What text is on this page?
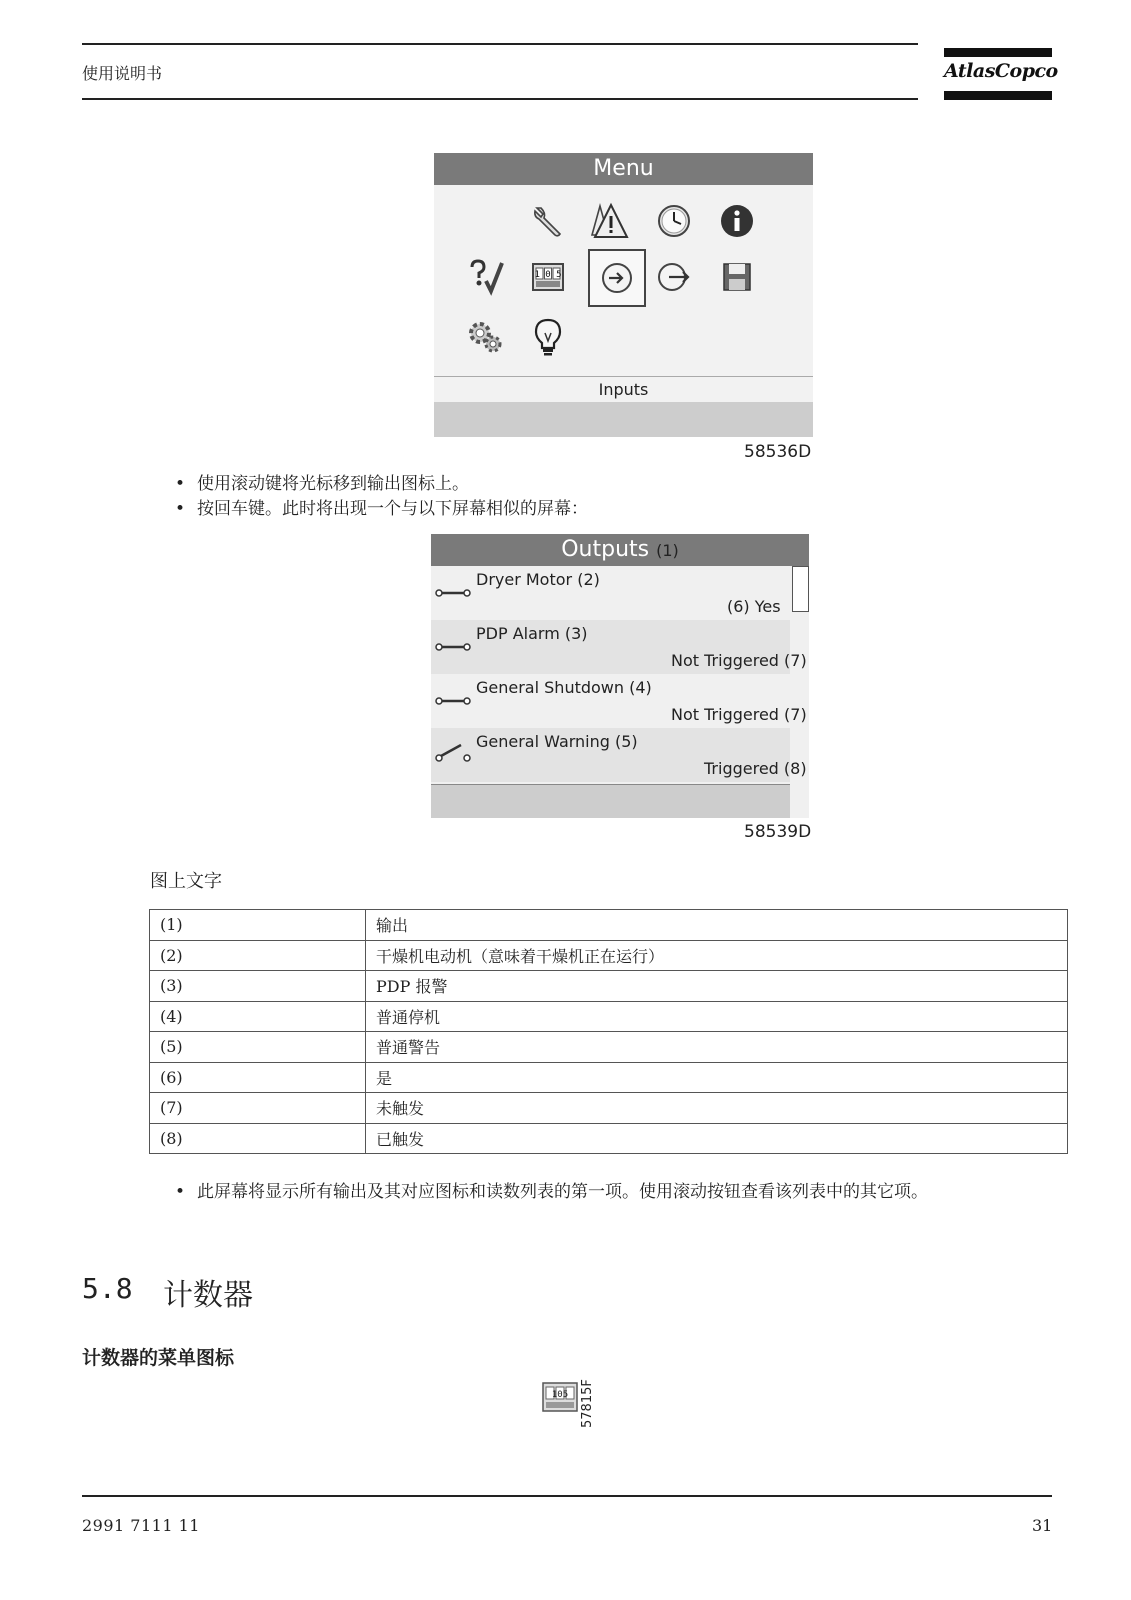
使用说明书	AtlasCopco
Menu
1 0 5
Inputs
58536D
• 使用滚动键将光标移到输出图标上。
• 按回车键。此时将出现一个与以下屏幕相似的屏幕：
Outputs (1)
Dryer Motor (2)
(6) Yes
PDP Alarm (3)
Not Triggered (7)
General Shutdown (4)
Not Triggered (7)
General Warning (5)
Triggered (8)
58539D
图上文字
(1)	输出
(2)	干燥机电动机（意味着干燥机正在运行）
(3)	PDP 报警
(4)	普通停机
(5)	普通警告
(6)	是
(7)	未触发
(8)	已触发
• 此屏幕将显示所有输出及其对应图标和读数列表的第一项。使用滚动按钮查看该列表中的其它项。
5.8 计数器
计数器的菜单图标
105 57815F
2991 7111 11	31
